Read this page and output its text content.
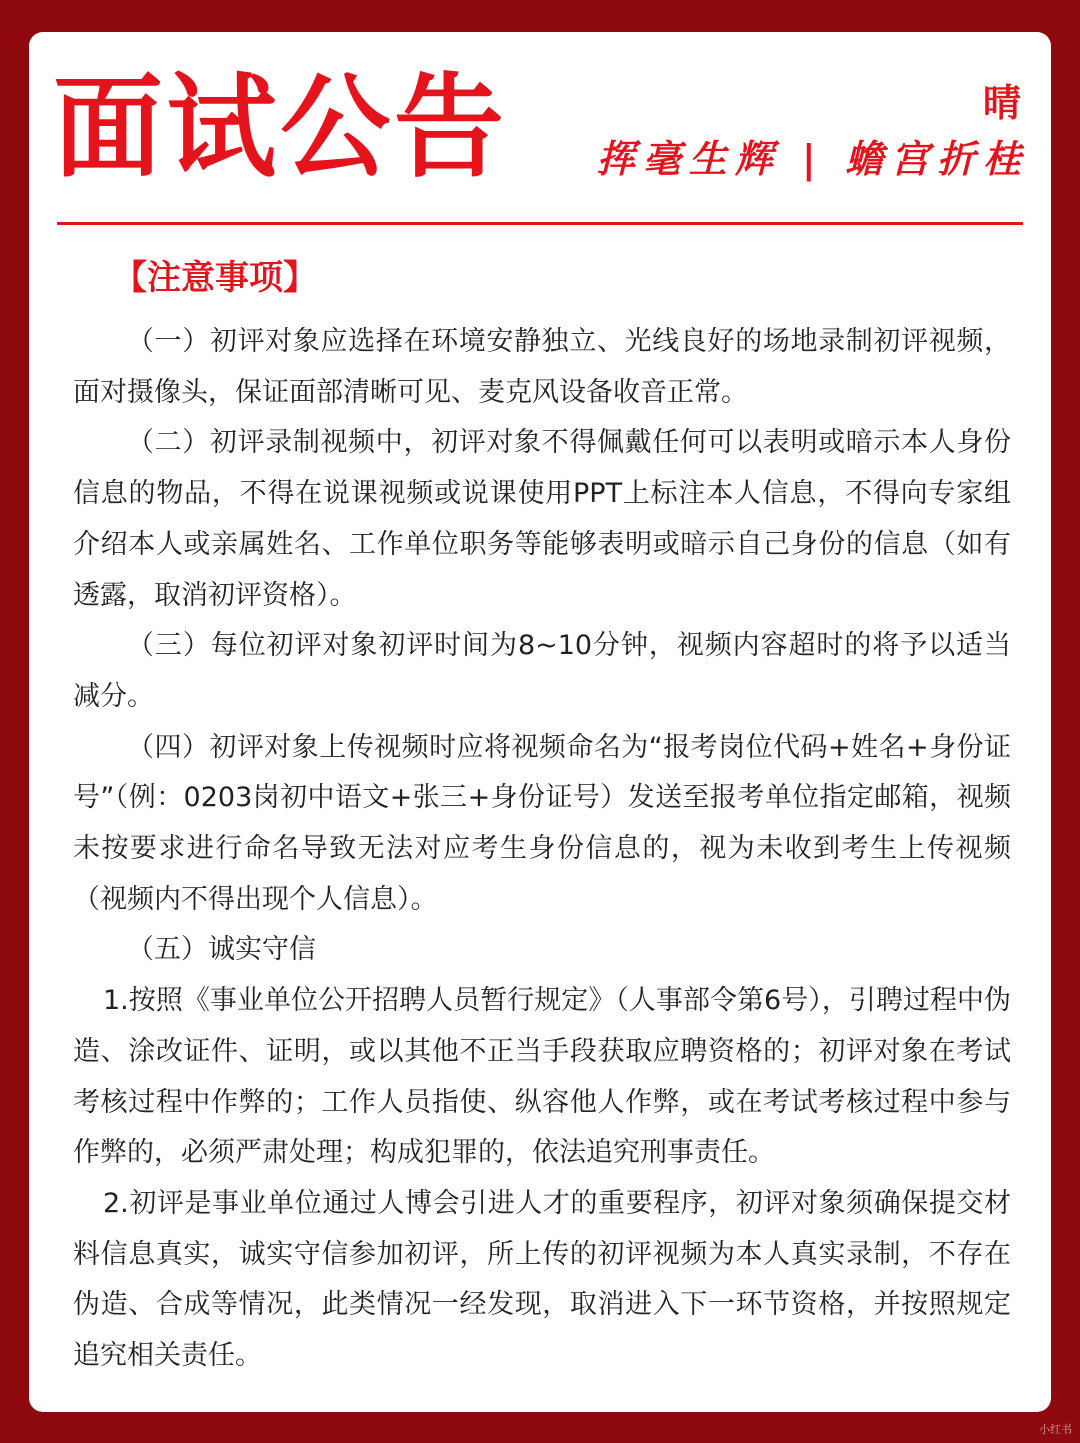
面试公告	晴
挥毫生辉 | 蟾宫折桂
【注意事项】

（一）初评对象应选择在环境安静独立、光线良好的场地录制初评视频，面对摄像头，保证面部清晰可见、麦克风设备收音正常。

（二）初评录制视频中，初评对象不得佩戴任何可以表明或暗示本人身份信息的物品，不得在说课视频或说课使用PPT上标注本人信息，不得向专家组介绍本人或亲属姓名、工作单位职务等能够表明或暗示自己身份的信息（如有透露，取消初评资格）。

（三）每位初评对象初评时间为8~10分钟，视频内容超时的将予以适当减分。

（四）初评对象上传视频时应将视频命名为“报考岗位代码+姓名+身份证号”（例：0203岗初中语文+张三+身份证号）发送至报考单位指定邮箱，视频未按要求进行命名导致无法对应考生身份信息的，视为未收到考生上传视频（视频内不得出现个人信息）。

（五）诚实守信

1.按照《事业单位公开招聘人员暂行规定》（人事部令第6号），引聘过程中伪造、涂改证件、证明，或以其他不正当手段获取应聘资格的；初评对象在考试考核过程中作弊的；工作人员指使、纵容他人作弊，或在考试考核过程中参与作弊的，必须严肃处理；构成犯罪的，依法追究刑事责任。

2.初评是事业单位通过人博会引进人才的重要程序，初评对象须确保提交材料信息真实，诚实守信参加初评，所上传的初评视频为本人真实录制，不存在伪造、合成等情况，此类情况一经发现，取消进入下一环节资格，并按照规定追究相关责任。

小红书
